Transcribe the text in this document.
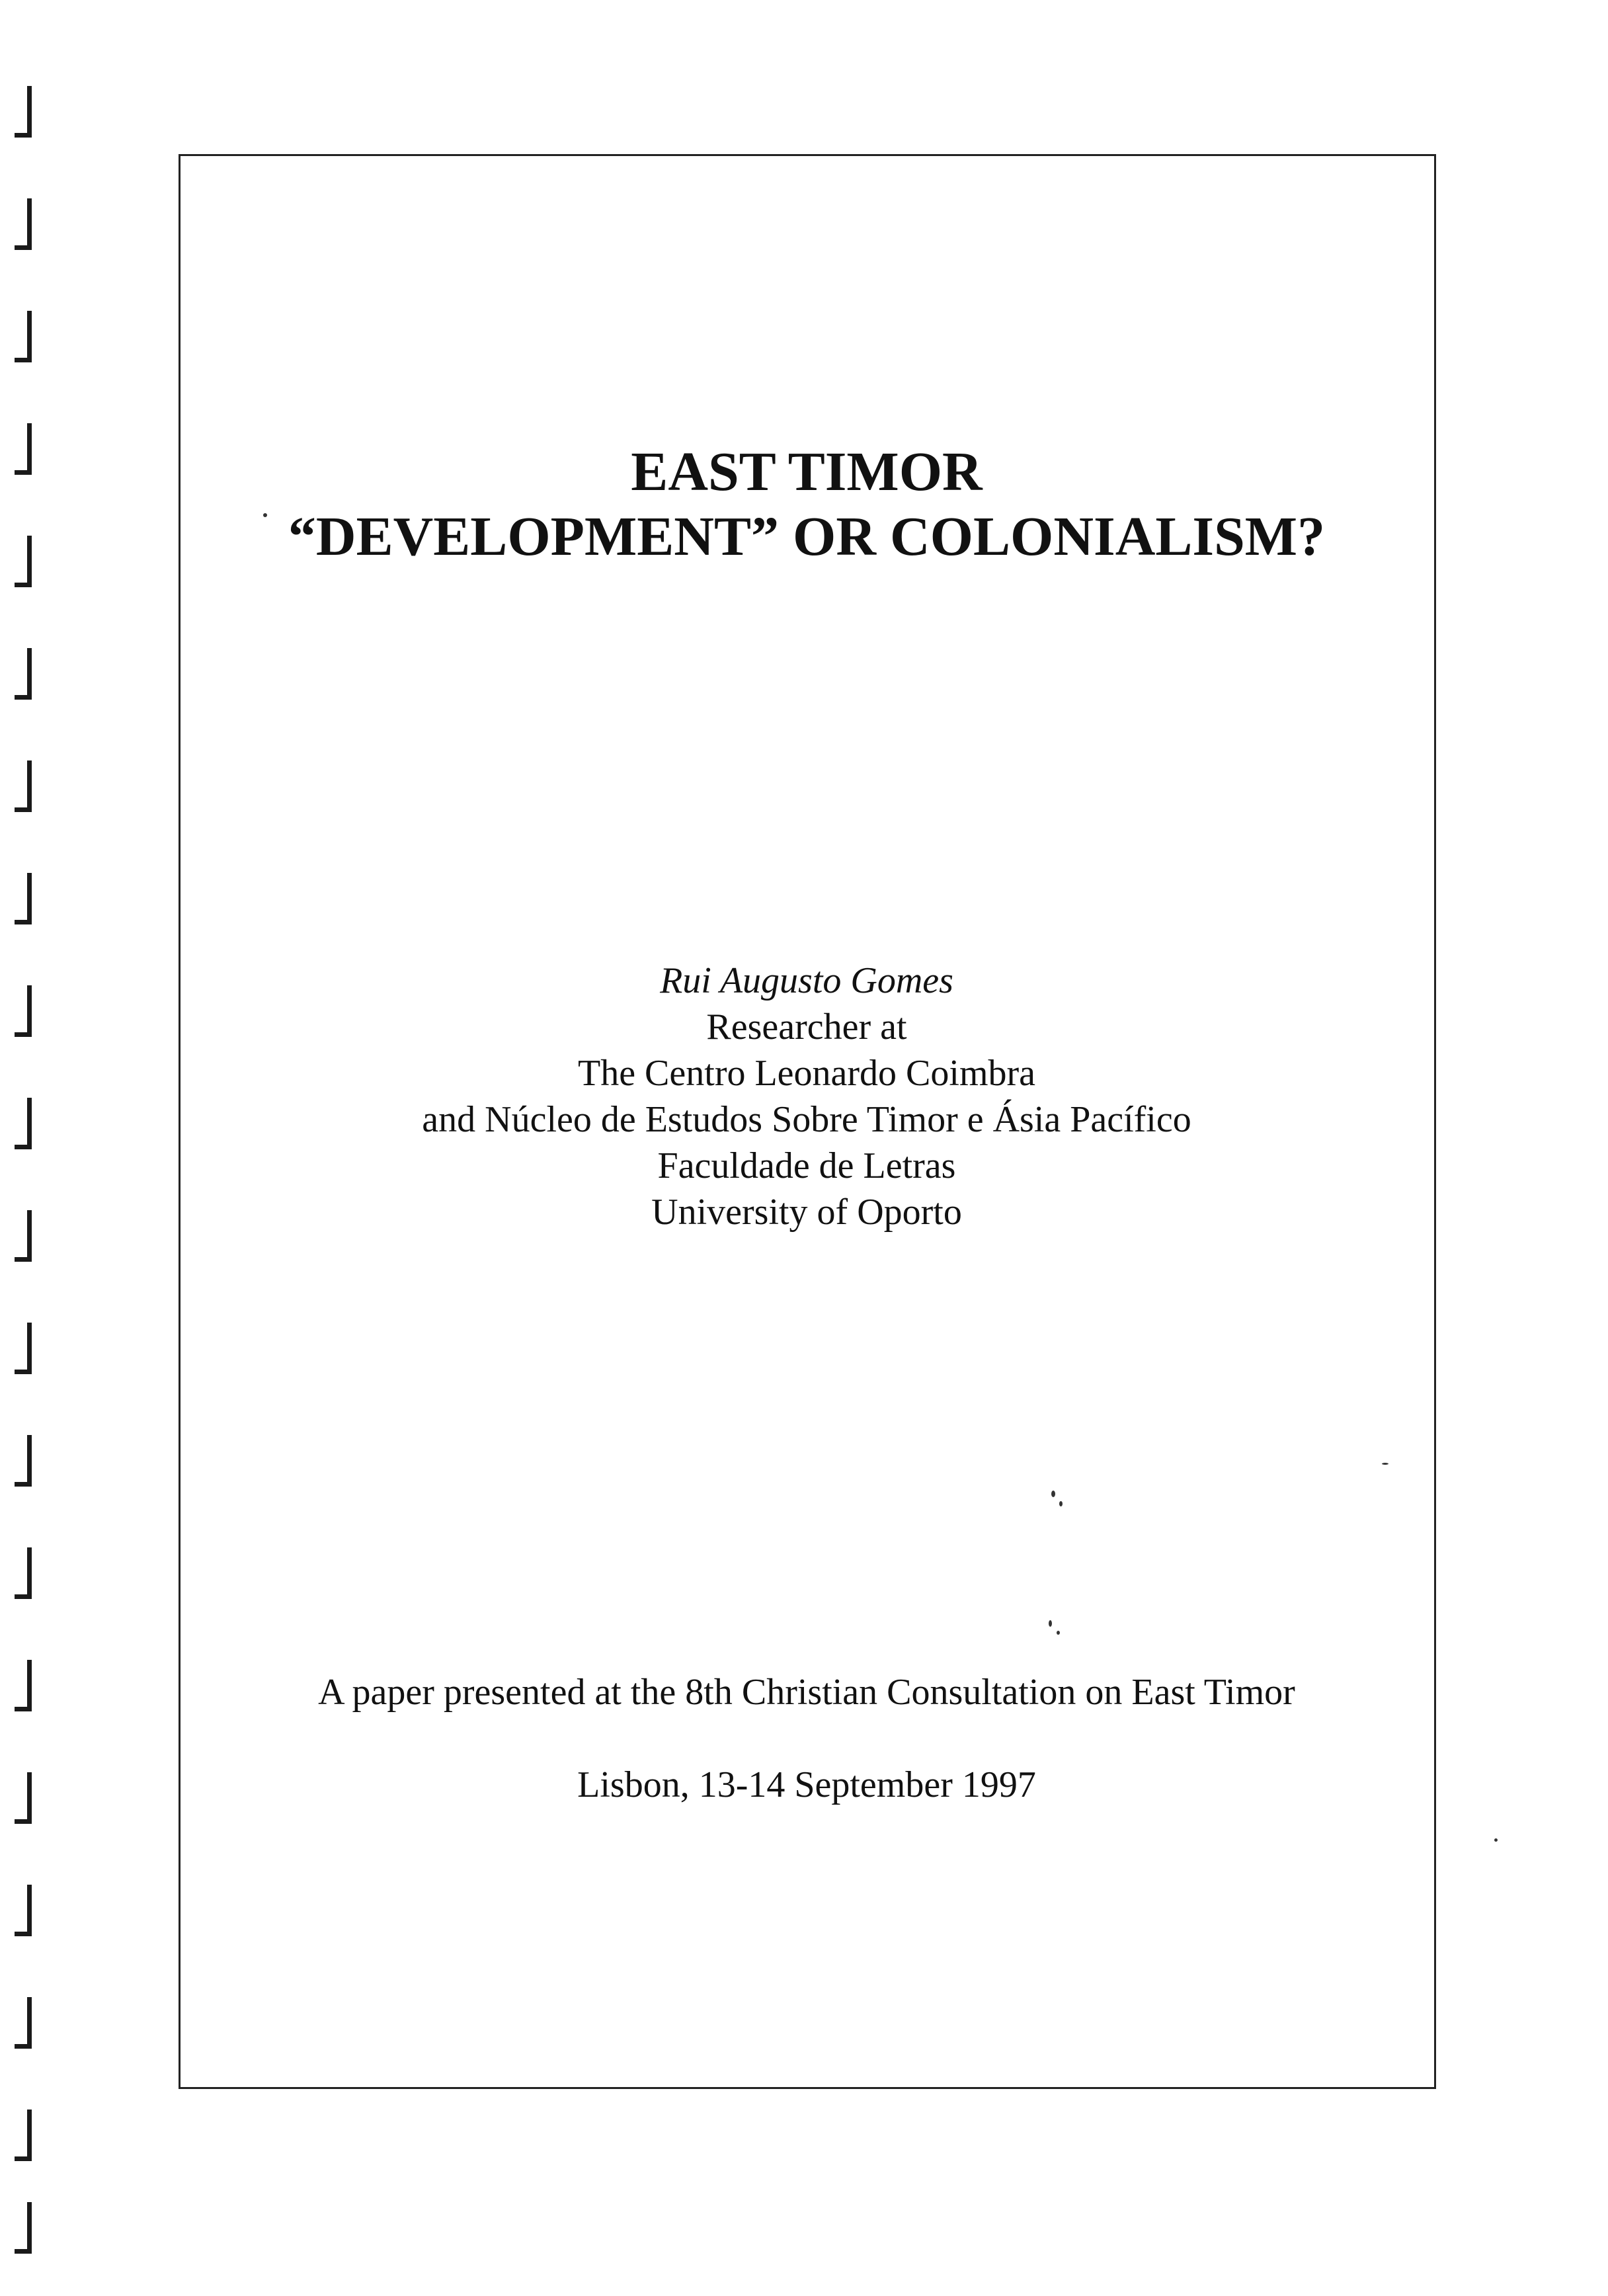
EAST TIMOR
“DEVELOPMENT” OR COLONIALISM?
Rui Augusto Gomes
Researcher at
The Centro Leonardo Coimbra
and Núcleo de Estudos Sobre Timor e Ásia Pacífico
Faculdade de Letras
University of Oporto
A paper presented at the 8th Christian Consultation on East Timor
Lisbon, 13-14 September 1997
